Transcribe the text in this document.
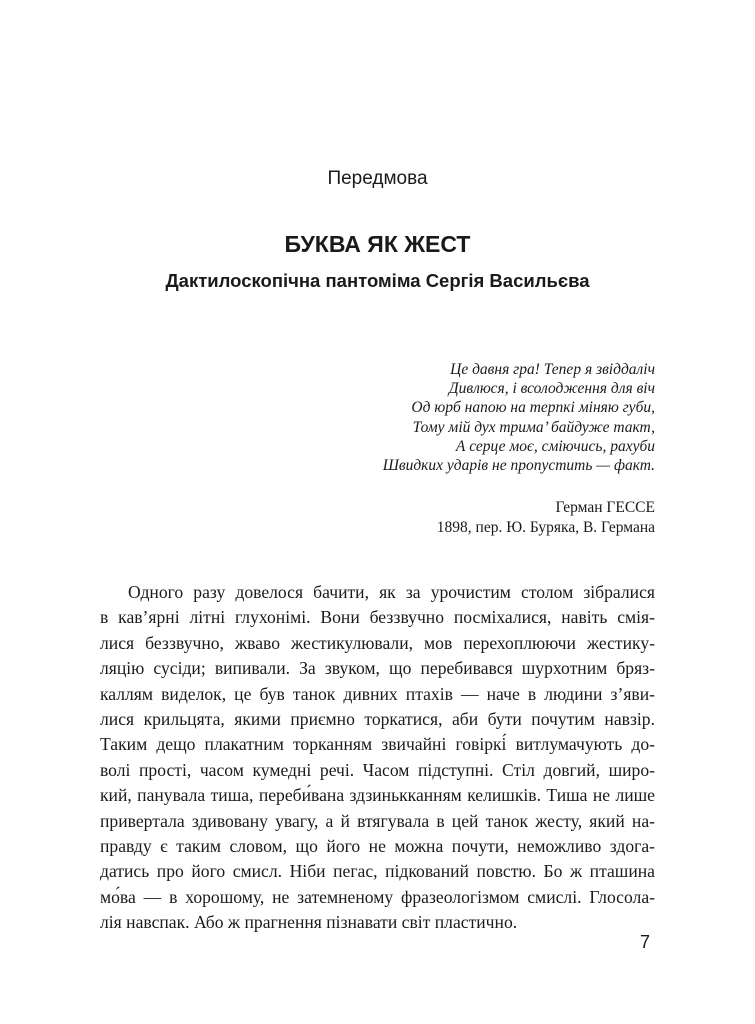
Передмова
БУКВА ЯК ЖЕСТ
Дактилоскопічна пантоміма Сергія Васильєва
Це давня гра! Тепер я звіддаліч
Дивлюся, і всолодження для віч
Од юрб напою на терпкі міняю губи,
Тому мій дух трима’ байдуже такт,
А серце моє, сміючись, рахуби
Швидких ударів не пропустить — факт.
Герман ГЕССЕ
1898, пер. Ю. Буряка, В. Германа
Одного разу довелося бачити, як за урочистим столом зібралися
в кав’ярні літні глухонімі. Вони беззвучно посміхалися, навіть смія-
лися беззвучно, жваво жестикулювали, мов перехоплюючи жестику-
ляцію сусіди; випивали. За звуком, що перебивався шурхотним бряз-
каллям виделок, це був танок дивних птахів — наче в людини з’яви-
лися крильцята, якими приємно торкатися, аби бути почутим навзір.
Таким дещо плакатним торканням звичайні говіркі́ витлумачують до-
волі прості, часом кумедні речі. Часом підступні. Стіл довгий, широ-
кий, панувала тиша, переби́вана здзинькканням келишків. Тиша не лише
привертала здивовану увагу, а й втягувала в цей танок жесту, який на-
правду є таким словом, що його не можна почути, неможливо здога-
датись про його смисл. Ніби пегас, підкований повстю. Бо ж пташина
мо́ва — в хорошому, не затемненому фразеологізмом смислі. Глосола-
лія навспак. Або ж прагнення пізнавати світ пластично.
7
